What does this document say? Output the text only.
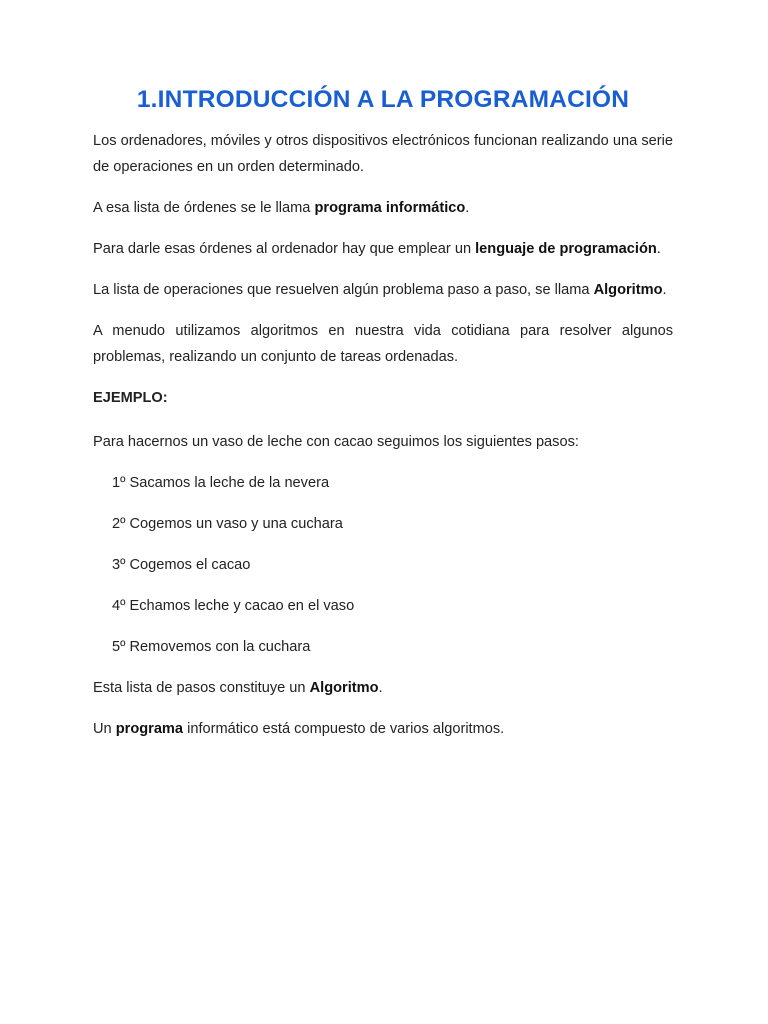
1.INTRODUCCIÓN A LA PROGRAMACIÓN

Los ordenadores, móviles y otros dispositivos electrónicos funcionan realizando una serie de operaciones en un orden determinado.

A esa lista de órdenes se le llama programa informático.

Para darle esas órdenes al ordenador hay que emplear un lenguaje de programación.

La lista de operaciones que resuelven algún problema paso a paso, se llama Algoritmo.

A menudo utilizamos algoritmos en nuestra vida cotidiana para resolver algunos problemas, realizando un conjunto de tareas ordenadas.

EJEMPLO:

Para hacernos un vaso de leche con cacao seguimos los siguientes pasos:

1º Sacamos la leche de la nevera

2º Cogemos un vaso y una cuchara

3º Cogemos el cacao

4º Echamos leche y cacao en el vaso

5º Removemos con la cuchara

Esta lista de pasos constituye un Algoritmo.

Un programa informático está compuesto de varios algoritmos.
